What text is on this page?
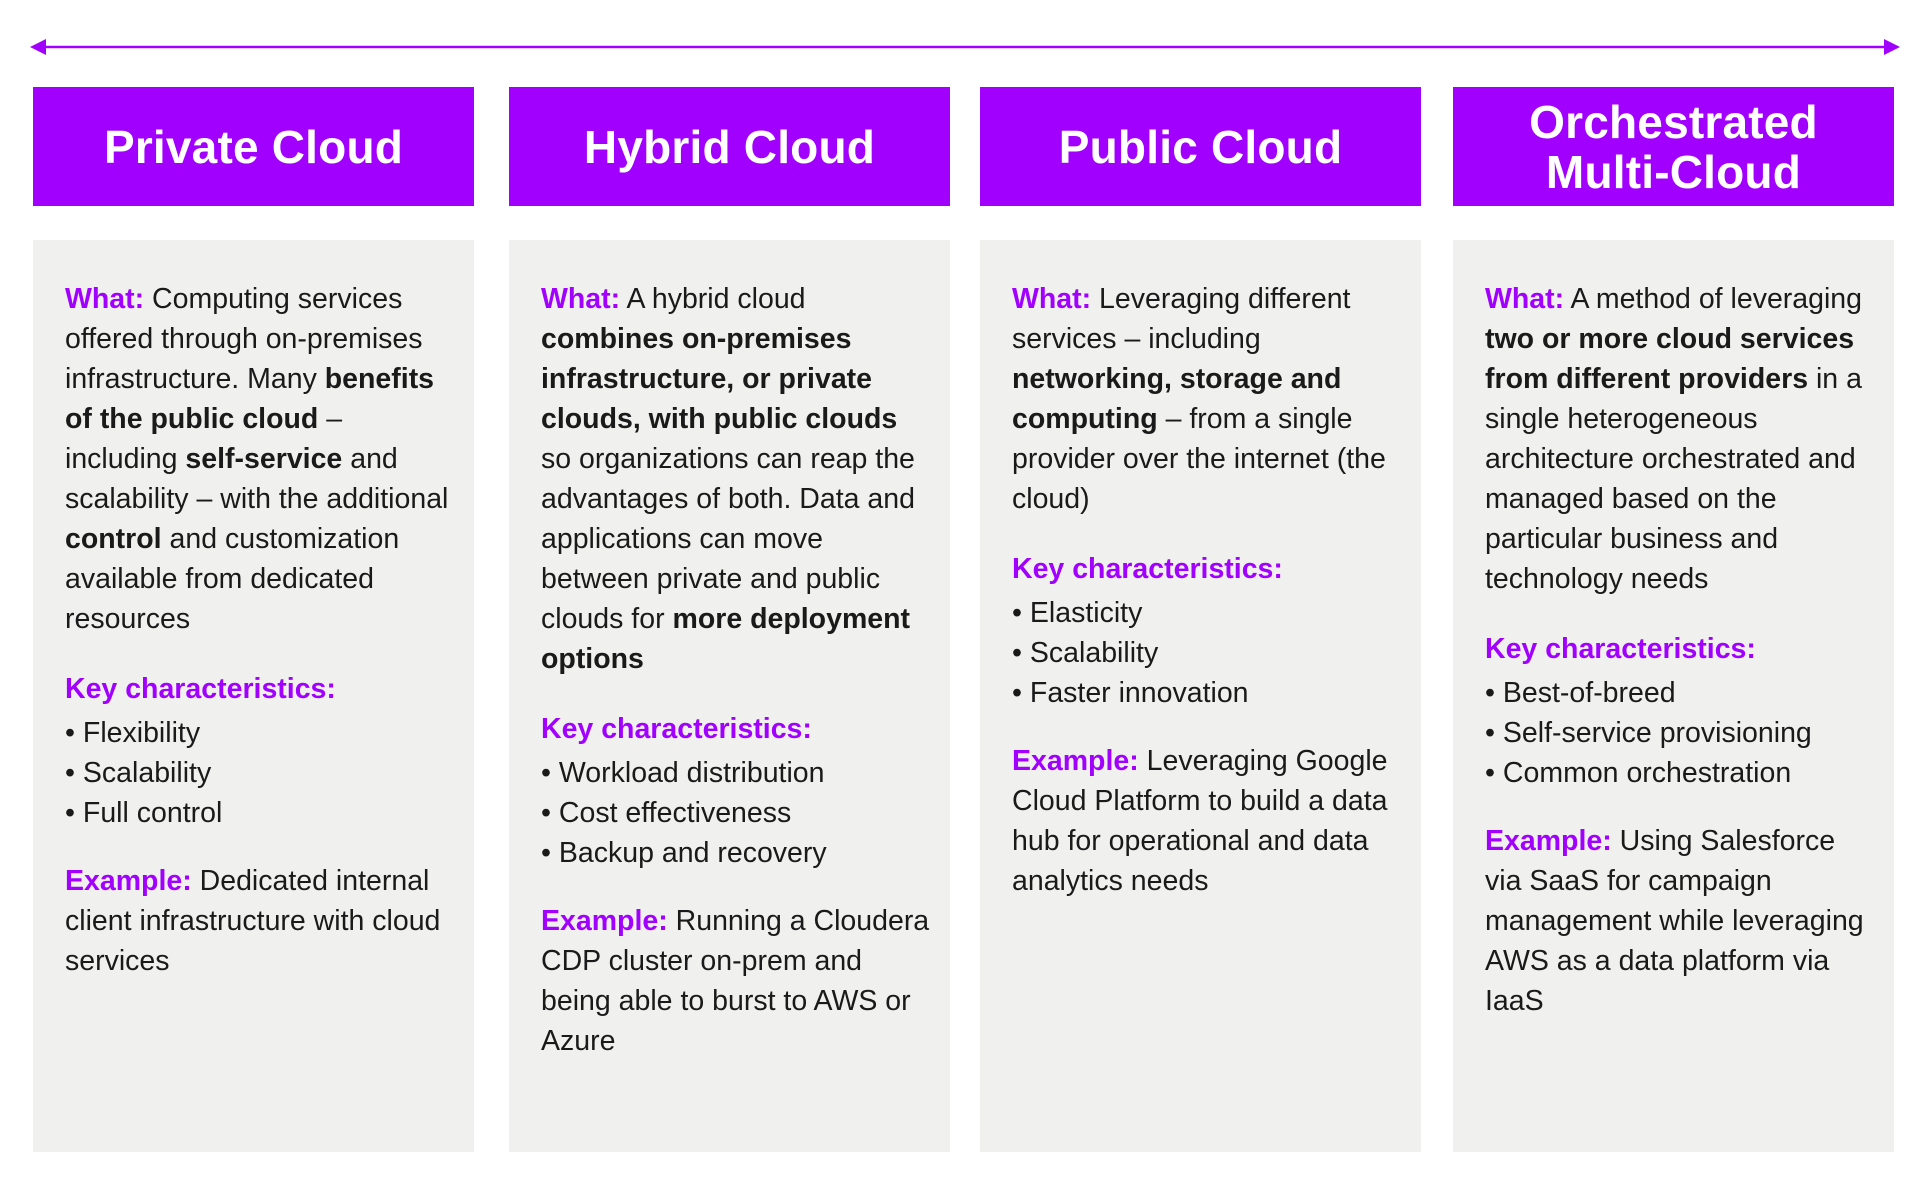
Private Cloud

What: Computing services offered through on-premises infrastructure. Many benefits of the public cloud – including self-service and scalability – with the additional control and customization available from dedicated resources

Key characteristics:
• Flexibility
• Scalability
• Full control

Example: Dedicated internal client infrastructure with cloud services

Hybrid Cloud

What: A hybrid cloud combines on-premises infrastructure, or private clouds, with public clouds so organizations can reap the advantages of both. Data and applications can move between private and public clouds for more deployment options

Key characteristics:
• Workload distribution
• Cost effectiveness
• Backup and recovery

Example: Running a Cloudera CDP cluster on-prem and being able to burst to AWS or Azure

Public Cloud

What: Leveraging different services – including networking, storage and computing – from a single provider over the internet (the cloud)

Key characteristics:
• Elasticity
• Scalability
• Faster innovation

Example: Leveraging Google Cloud Platform to build a data hub for operational and data analytics needs

Orchestrated
Multi-Cloud

What: A method of leveraging two or more cloud services from different providers in a single heterogeneous architecture orchestrated and managed based on the particular business and technology needs

Key characteristics:
• Best-of-breed
• Self-service provisioning
• Common orchestration

Example: Using Salesforce via SaaS for campaign management while leveraging AWS as a data platform via IaaS
